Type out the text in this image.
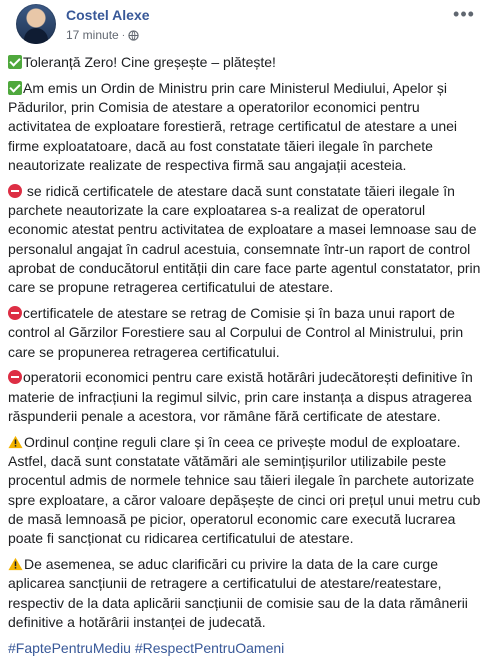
Costel Alexe
17 minute ·
•••

Toleranță Zero! Cine greșește – plătește!

Am emis un Ordin de Ministru prin care Ministerul Mediului, Apelor și Pădurilor, prin Comisia de atestare a operatorilor economici pentru activitatea de exploatare forestieră, retrage certificatul de atestare a unei firme exploatatoare, dacă au fost constatate tăieri ilegale în parchete neautorizate realizate de respectiva firmă sau angajații acesteia.

se ridică certificatele de atestare dacă sunt constatate tăieri ilegale în parchete neautorizate la care exploatarea s-a realizat de operatorul economic atestat pentru activitatea de exploatare a masei lemnoase sau de personalul angajat în cadrul acestuia, consemnate într-un raport de control aprobat de conducătorul entității din care face parte agentul constatator, prin care se propune retragerea certificatului de atestare.

certificatele de atestare se retrag de Comisie și în baza unui raport de control al Gărzilor Forestiere sau al Corpului de Control al Ministrului, prin care se propunerea retragerea certificatului.

operatorii economici pentru care există hotărâri judecătorești definitive în materie de infracțiuni la regimul silvic, prin care instanța a dispus atragerea răspunderii penale a acestora, vor rămâne fără certificate de atestare.

Ordinul conține reguli clare și în ceea ce privește modul de exploatare. Astfel, dacă sunt constatate vătămări ale semințișurilor utilizabile peste procentul admis de normele tehnice sau tăieri ilegale în parchete autorizate spre exploatare, a căror valoare depășește de cinci ori prețul unui metru cub de masă lemnoasă pe picior, operatorul economic care execută lucrarea poate fi sancționat cu ridicarea certificatului de atestare.

De asemenea, se aduc clarificări cu privire la data de la care curge aplicarea sancțiunii de retragere a certificatului de atestare/reatestare, respectiv de la data aplicării sancțiunii de comisie sau de la data rămânerii definitive a hotărârii instanței de judecată.

#FaptePentruMediu #RespectPentruOameni
